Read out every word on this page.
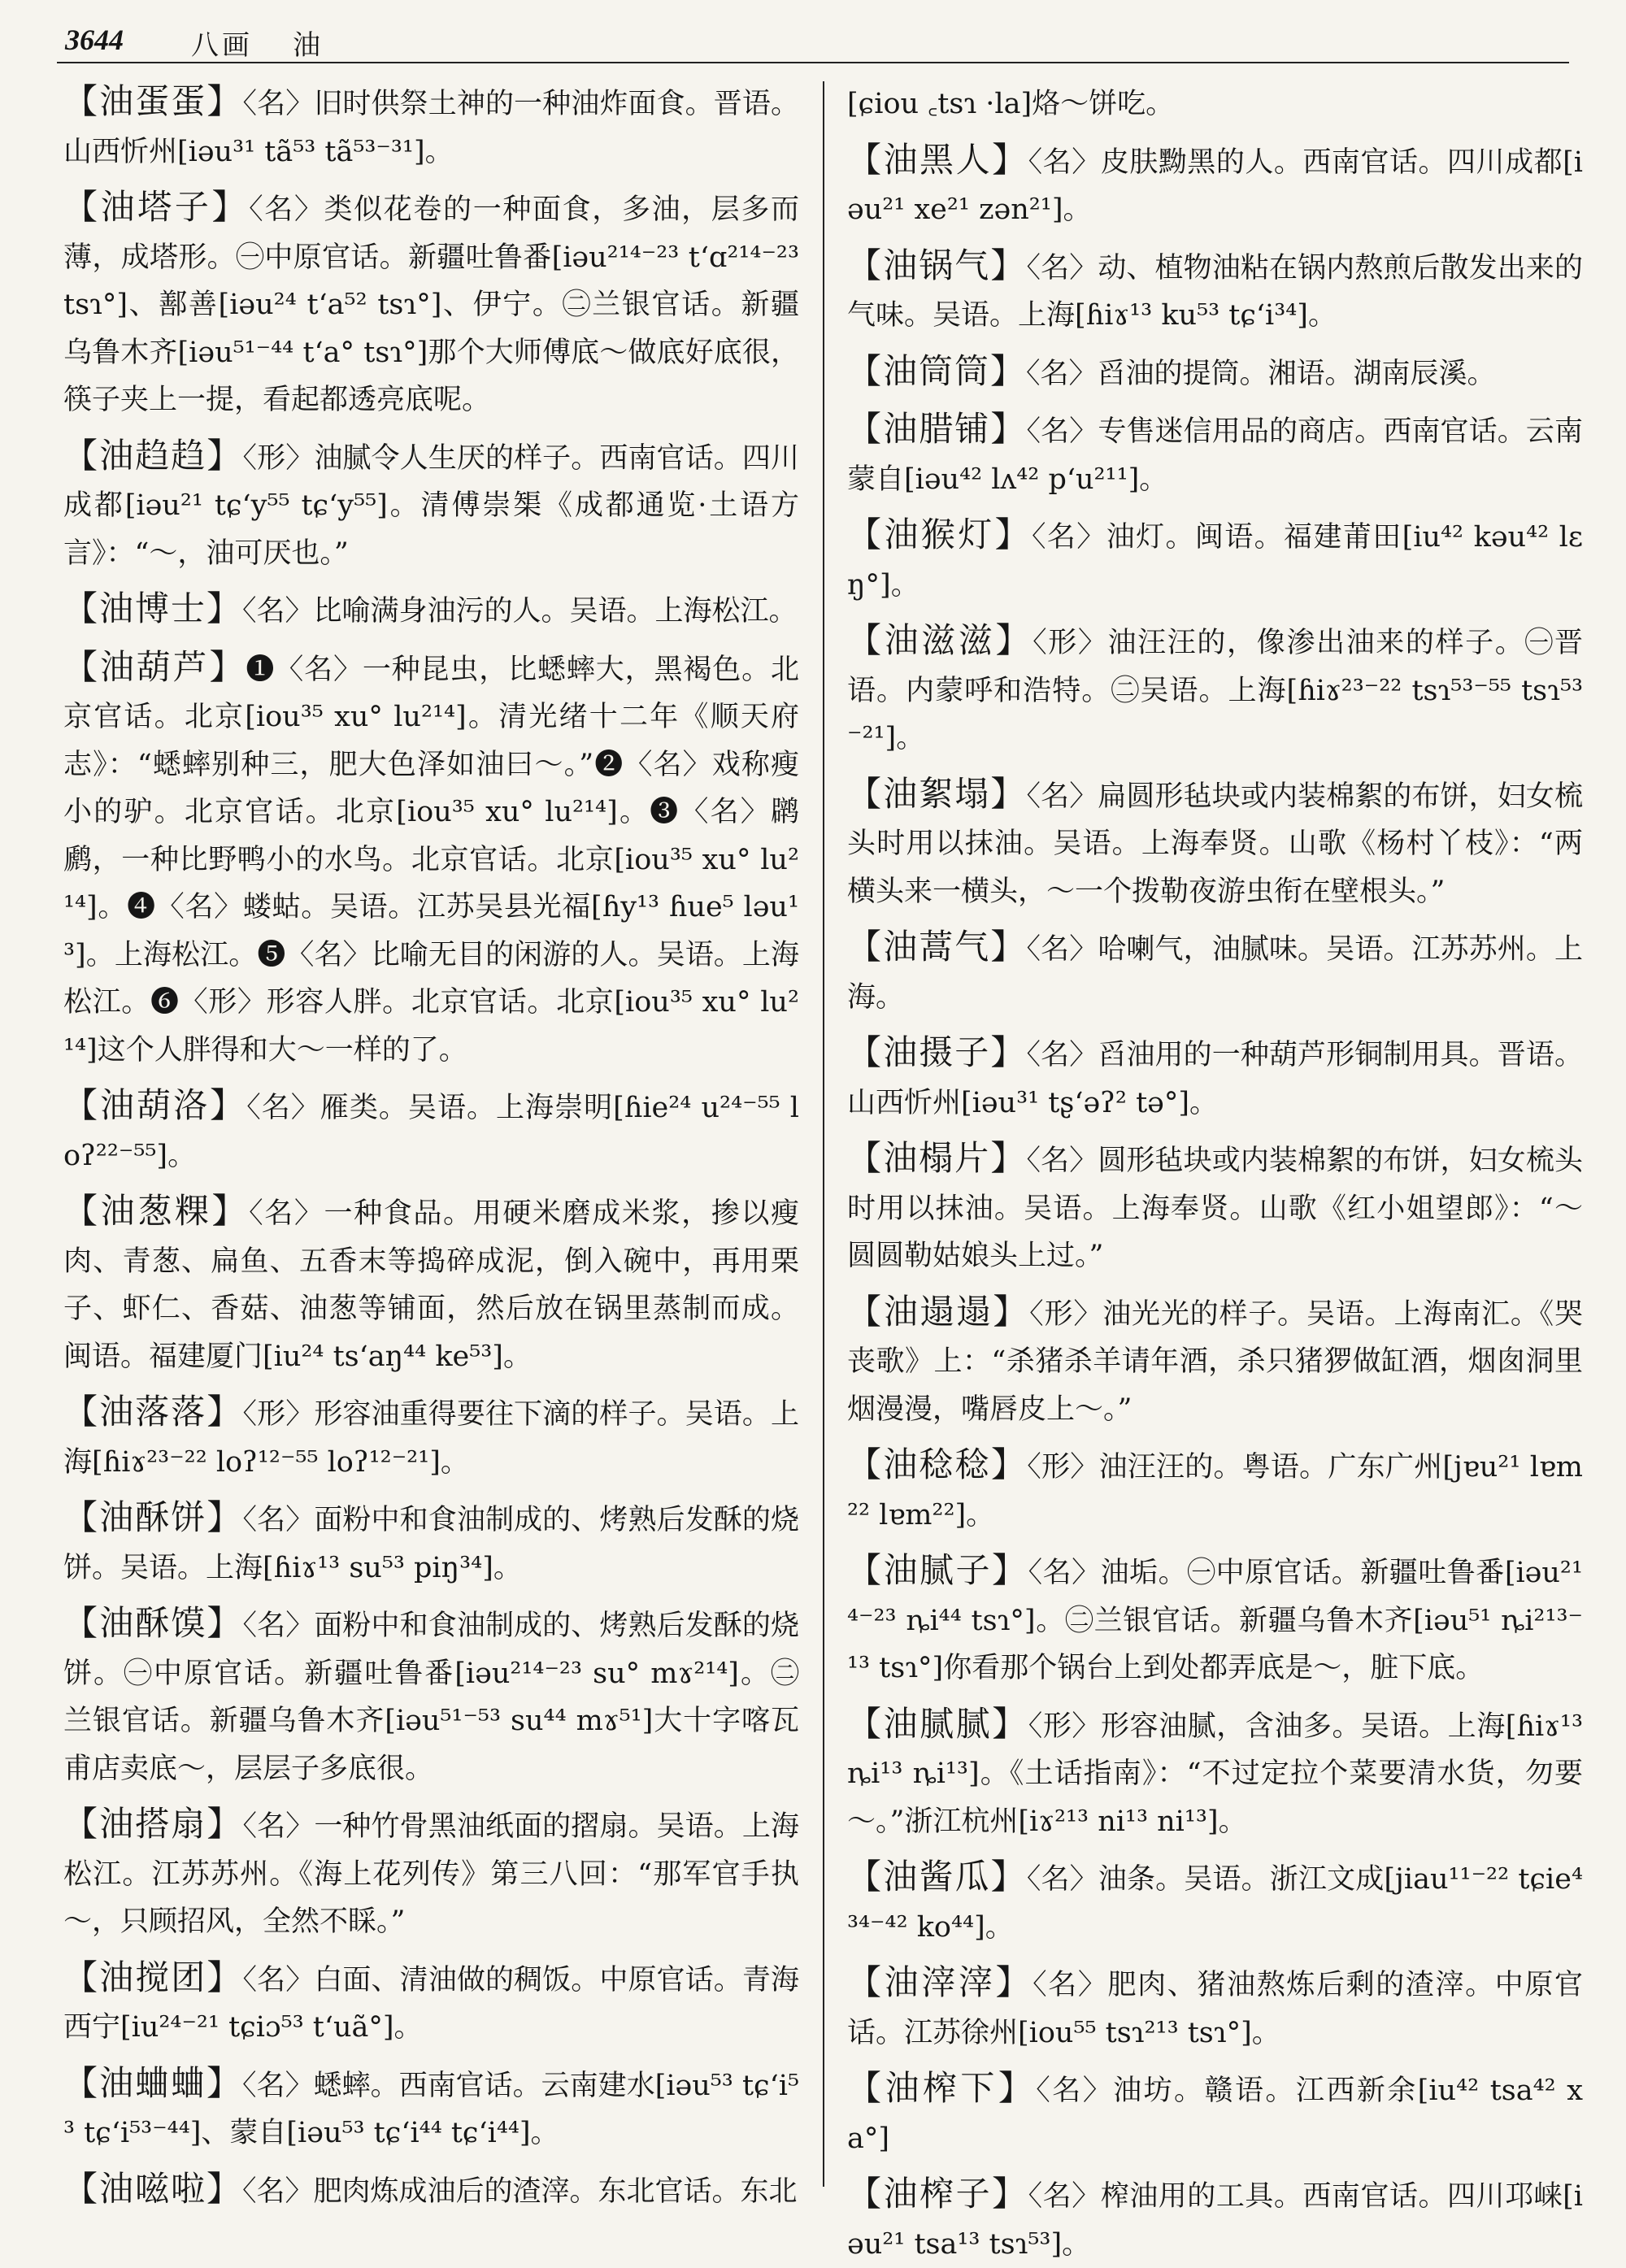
3644 八画 油

【油蛋蛋】〈名〉旧时供祭土神的一种油炸面食。晋语。山西忻州[iəu³¹ tã⁵³ tã⁵³⁻³¹]。

【油塔子】〈名〉类似花卷的一种面食，多油，层多而薄，成塔形。㊀中原官话。新疆吐鲁番[iəu²¹⁴⁻²³ tʻɑ²¹⁴⁻²³ tsɿ°]、鄯善[iəu²⁴ tʻa⁵² tsɿ°]、伊宁。㊁兰银官话。新疆乌鲁木齐[iəu⁵¹⁻⁴⁴ tʻa° tsɿ°]那个大师傅底～做底好底很，筷子夹上一提，看起都透亮底呢。

【油趋趋】〈形〉油腻令人生厌的样子。西南官话。四川成都[iəu²¹ tɕʻy⁵⁵ tɕʻy⁵⁵]。清傅崇榘《成都通览·土语方言》：“～，油可厌也。”

【油博士】〈名〉比喻满身油污的人。吴语。上海松江。

【油葫芦】❶〈名〉一种昆虫，比蟋蟀大，黑褐色。北京官话。北京[iou³⁵ xu° lu²¹⁴]。清光绪十二年《顺天府志》：“蟋蟀别种三，肥大色泽如油曰～。”❷〈名〉戏称瘦小的驴。北京官话。北京[iou³⁵ xu° lu²¹⁴]。❸〈名〉䴙䴘，一种比野鸭小的水鸟。北京官话。北京[iou³⁵ xu° lu²¹⁴]。❹〈名〉蝼蛄。吴语。江苏吴县光福[ɦy¹³ ɦue⁵ ləu¹³]。上海松江。❺〈名〉比喻无目的闲游的人。吴语。上海松江。❻〈形〉形容人胖。北京官话。北京[iou³⁵ xu° lu²¹⁴]这个人胖得和大～一样的了。

【油葫洛】〈名〉雁类。吴语。上海崇明[ɦie²⁴ u²⁴⁻⁵⁵ loʔ²²⁻⁵⁵]。

【油葱粿】〈名〉一种食品。用硬米磨成米浆，掺以瘦肉、青葱、扁鱼、五香末等捣碎成泥，倒入碗中，再用栗子、虾仁、香菇、油葱等铺面，然后放在锅里蒸制而成。闽语。福建厦门[iu²⁴ tsʻaŋ⁴⁴ ke⁵³]。

【油落落】〈形〉形容油重得要往下滴的样子。吴语。上海[ɦiɤ²³⁻²² loʔ¹²⁻⁵⁵ loʔ¹²⁻²¹]。

【油酥饼】〈名〉面粉中和食油制成的、烤熟后发酥的烧饼。吴语。上海[ɦiɤ¹³ su⁵³ piŋ³⁴]。

【油酥馍】〈名〉面粉中和食油制成的、烤熟后发酥的烧饼。㊀中原官话。新疆吐鲁番[iəu²¹⁴⁻²³ su° mɤ²¹⁴]。㊁兰银官话。新疆乌鲁木齐[iəu⁵¹⁻⁵³ su⁴⁴ mɤ⁵¹]大十字喀瓦甫店卖底～，层层子多底很。

【油搭扇】〈名〉一种竹骨黑油纸面的摺扇。吴语。上海松江。江苏苏州。《海上花列传》第三八回：“那军官手执～，只顾招风，全然不睬。”

【油搅团】〈名〉白面、清油做的稠饭。中原官话。青海西宁[iu²⁴⁻²¹ tɕiɔ⁵³ tʻuã°]。

【油蛐蛐】〈名〉蟋蟀。西南官话。云南建水[iəu⁵³ tɕʻi⁵³ tɕʻi⁵³⁻⁴⁴]、蒙自[iəu⁵³ tɕʻi⁴⁴ tɕʻi⁴⁴]。

【油嗞啦】〈名〉肥肉炼成油后的渣滓。东北官话。东北

[ɕiou ꜀tsɿ ·la]烙～饼吃。

【油黑人】〈名〉皮肤黝黑的人。西南官话。四川成都[iəu²¹ xe²¹ zən²¹]。

【油锅气】〈名〉动、植物油粘在锅内熬煎后散发出来的气味。吴语。上海[ɦiɤ¹³ ku⁵³ tɕʻi³⁴]。

【油筒筒】〈名〉舀油的提筒。湘语。湖南辰溪。

【油腊铺】〈名〉专售迷信用品的商店。西南官话。云南蒙自[iəu⁴² lʌ⁴² pʻu²¹¹]。

【油猴灯】〈名〉油灯。闽语。福建莆田[iu⁴² kəu⁴² lɛŋ°]。

【油滋滋】〈形〉油汪汪的，像渗出油来的样子。㊀晋语。内蒙呼和浩特。㊁吴语。上海[ɦiɤ²³⁻²² tsɿ⁵³⁻⁵⁵ tsɿ⁵³⁻²¹]。

【油絮塌】〈名〉扁圆形毡块或内装棉絮的布饼，妇女梳头时用以抹油。吴语。上海奉贤。山歌《杨村丫枝》：“两横头来一横头，～一个拨勒夜游虫衔在壁根头。”

【油蒿气】〈名〉哈喇气，油腻味。吴语。江苏苏州。上海。

【油摄子】〈名〉舀油用的一种葫芦形铜制用具。晋语。山西忻州[iəu³¹ tʂʻəʔ² tə°]。

【油榻片】〈名〉圆形毡块或内装棉絮的布饼，妇女梳头时用以抹油。吴语。上海奉贤。山歌《红小姐望郎》：“～圆圆勒姑娘头上过。”

【油遢遢】〈形〉油光光的样子。吴语。上海南汇。《哭丧歌》上：“杀猪杀羊请年酒，杀只猪猡做缸酒，烟囱洞里烟漫漫，嘴唇皮上～。”

【油稔稔】〈形〉油汪汪的。粤语。广东广州[jɐu²¹ lɐm²² lɐm²²]。

【油腻子】〈名〉油垢。㊀中原官话。新疆吐鲁番[iəu²¹⁴⁻²³ ȵi⁴⁴ tsɿ°]。㊁兰银官话。新疆乌鲁木齐[iəu⁵¹ ȵi²¹³⁻¹³ tsɿ°]你看那个锅台上到处都弄底是～，脏下底。

【油腻腻】〈形〉形容油腻，含油多。吴语。上海[ɦiɤ¹³ ȵi¹³ ȵi¹³]。《土话指南》：“不过定拉个菜要清水货，勿要～。”浙江杭州[iɤ²¹³ ni¹³ ni¹³]。

【油酱瓜】〈名〉油条。吴语。浙江文成[jiau¹¹⁻²² tɕie⁴³⁴⁻⁴² ko⁴⁴]。

【油滓滓】〈名〉肥肉、猪油熬炼后剩的渣滓。中原官话。江苏徐州[iou⁵⁵ tsɿ²¹³ tsɿ°]。

【油榨下】〈名〉油坊。赣语。江西新余[iu⁴² tsa⁴² xa°]

【油榨子】〈名〉榨油用的工具。西南官话。四川邛崃[iəu²¹ tsa¹³ tsɿ⁵³]。
